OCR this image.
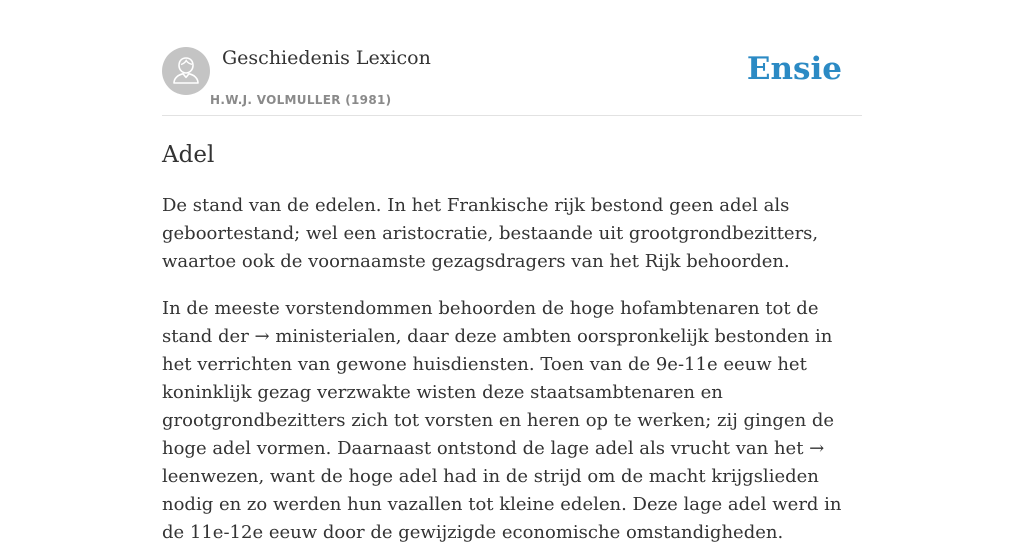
Geschiedenis Lexicon
H.W.J. VOLMULLER (1981)
Ensie
Adel

De stand van de edelen. In het Frankische rijk bestond geen adel als geboortestand; wel een aristocratie, bestaande uit grootgrondbezitters, waartoe ook de voornaamste gezagsdragers van het Rijk behoorden.

In de meeste vorstendommen behoorden de hoge hofambtenaren tot de stand der → ministerialen, daar deze ambten oorspronkelijk bestonden in het verrichten van gewone huisdiensten. Toen van de 9e-11e eeuw het koninklijk gezag verzwakte wisten deze staatsambtenaren en grootgrondbezitters zich tot vorsten en heren op te werken; zij gingen de hoge adel vormen. Daarnaast ontstond de lage adel als vrucht van het → leenwezen, want de hoge adel had in de strijd om de macht krijgslieden nodig en zo werden hun vazallen tot kleine edelen. Deze lage adel werd in de 11e-12e eeuw door de gewijzigde economische omstandigheden.
